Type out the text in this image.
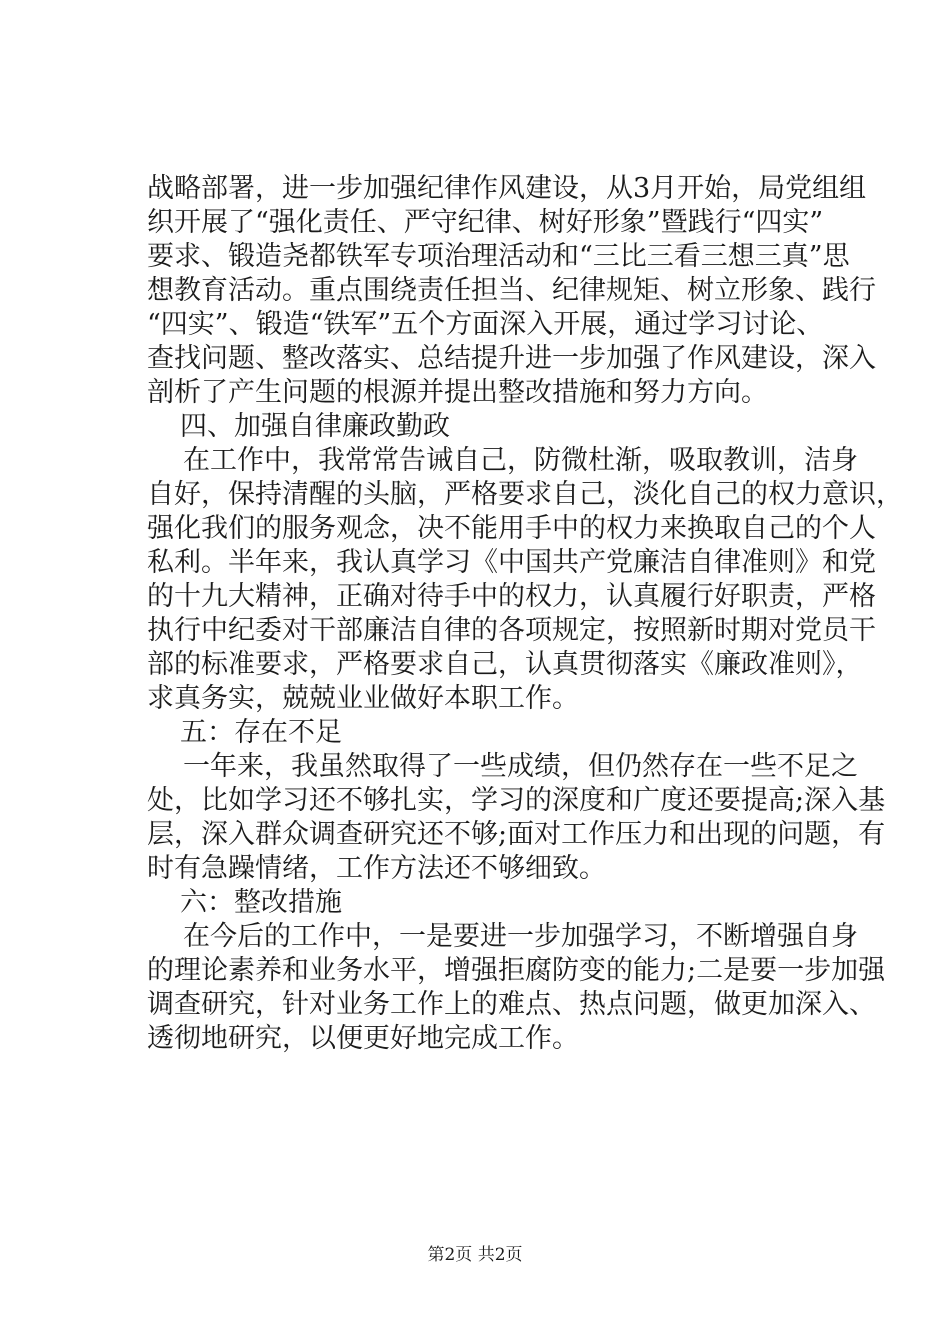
战略部署，进一步加强纪律作风建设，从3月开始，局党组组
织开展了“强化责任、严守纪律、树好形象”暨践行“四实”
要求、锻造尧都铁军专项治理活动和“三比三看三想三真”思
想教育活动。重点围绕责任担当、纪律规矩、树立形象、践行
“四实”、锻造“铁军”五个方面深入开展，通过学习讨论、
查找问题、整改落实、总结提升进一步加强了作风建设，深入
剖析了产生问题的根源并提出整改措施和努力方向。
四、加强自律廉政勤政
在工作中，我常常告诫自己，防微杜渐，吸取教训，洁身
自好，保持清醒的头脑，严格要求自己，淡化自己的权力意识，
强化我们的服务观念，决不能用手中的权力来换取自己的个人
私利。半年来，我认真学习《中国共产党廉洁自律准则》和党
的十九大精神，正确对待手中的权力，认真履行好职责，严格
执行中纪委对干部廉洁自律的各项规定，按照新时期对党员干
部的标准要求，严格要求自己，认真贯彻落实《廉政准则》，
求真务实，兢兢业业做好本职工作。
五：存在不足
一年来，我虽然取得了一些成绩，但仍然存在一些不足之
处，比如学习还不够扎实，学习的深度和广度还要提高;深入基
层，深入群众调查研究还不够;面对工作压力和出现的问题，有
时有急躁情绪，工作方法还不够细致。
六：整改措施
在今后的工作中，一是要进一步加强学习，不断增强自身
的理论素养和业务水平，增强拒腐防变的能力;二是要一步加强
调查研究，针对业务工作上的难点、热点问题，做更加深入、
透彻地研究，以便更好地完成工作。
第2页 共2页
